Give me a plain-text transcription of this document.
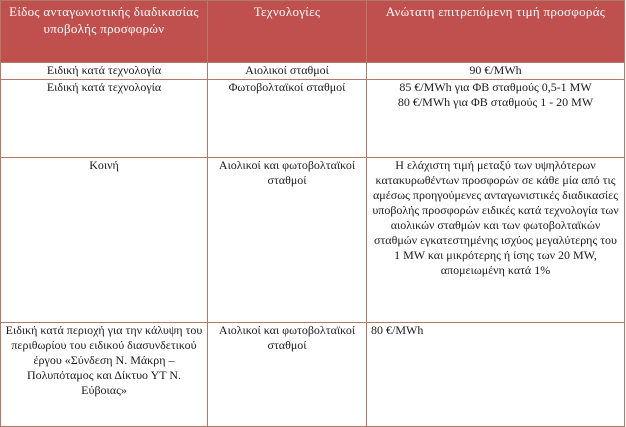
Είδος ανταγωνιστικής διαδικασίας υποβολής προσφορών	Τεχνολογίες	Ανώτατη επιτρεπόμενη τιμή προσφοράς
Ειδική κατά τεχνολογία	Αιολικοί σταθμοί	90 €/MWh
Ειδική κατά τεχνολογία	Φωτοβολταϊκοί σταθμοί	85 €/MWh για ΦΒ σταθμούς 0,5-1 MW
80 €/MWh για ΦΒ σταθμούς 1 - 20 MW

Κοινή	Αιολικοί και φωτοβολταϊκοί σταθμοί	Η ελάχιστη τιμή μεταξύ των υψηλότερων κατακυρωθέντων προσφορών σε κάθε μία από τις αμέσως προηγούμενες ανταγωνιστικές διαδικασίες υποβολής προσφορών ειδικές κατά τεχνολογία των αιολικών σταθμών και των φωτοβολταϊκών σταθμών εγκατεστημένης ισχύος μεγαλύτερης του 1 MW και μικρότερης ή ίσης των 20 MW, απομειωμένη κατά 1%
Ειδική κατά περιοχή για την κάλυψη του περιθωρίου του ειδικού διασυνδετικού έργου «Σύνδεση Ν. Μάκρη – Πολυπόταμος και Δίκτυο ΥΤ Ν. Εύβοιας»	Αιολικοί και φωτοβολταϊκοί σταθμοί	80 €/MWh
